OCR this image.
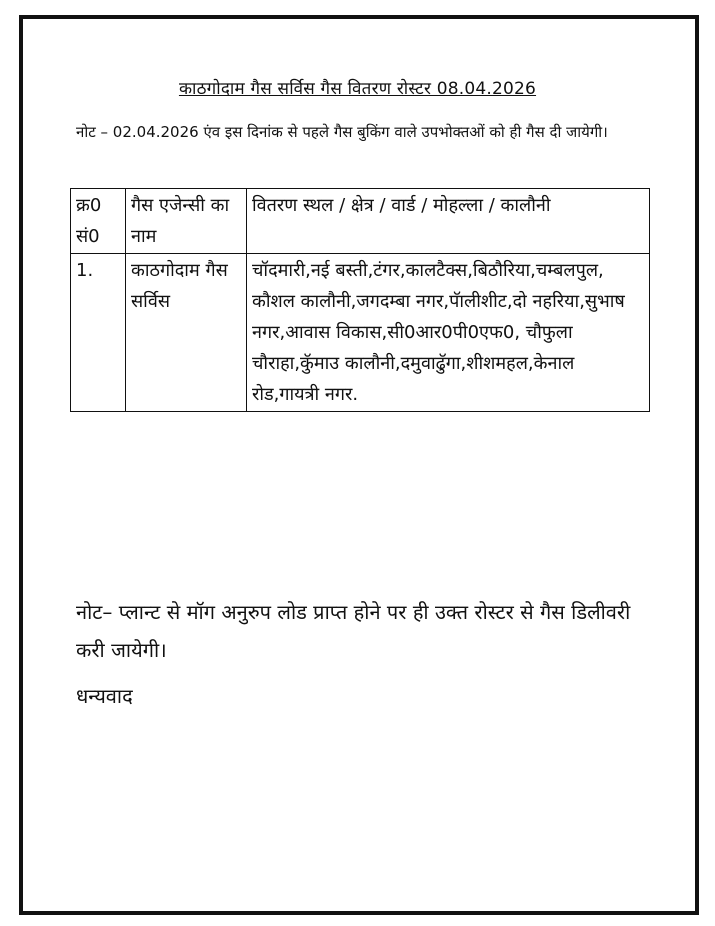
काठगोदाम गैस सर्विस गैस वितरण रोस्टर 08.04.2026
नोट – 02.04.2026 एंव इस दिनांक से पहले गैस बुकिंग वाले उपभोक्तओं को ही गैस दी जायेगी।
क्र0 सं0	गैस एजेन्सी का नाम	वितरण स्थल / क्षेत्र / वार्ड / मोहल्ला / कालौनी
1.	काठगोदाम गैस सर्विस	चॉदमारी,नई बस्ती,टंगर,कालटैक्स,बिठौरिया,चम्बलपुल, कौशल कालौनी,जगदम्बा नगर,पॅालीशीट,दो नहरिया,सुभाष नगर,आवास विकास,सी0आर0पी0एफ0, चौफुला चौराहा,कुॅमाउ कालौनी,दमुवाढुॅगा,शीशमहल,केनाल रोड,गायत्री नगर.
नोट– प्लान्ट से मॉग अनुरुप लोड प्राप्त होने पर ही उक्त रोस्टर से गैस डिलीवरी करी जायेगी।
धन्यवाद
